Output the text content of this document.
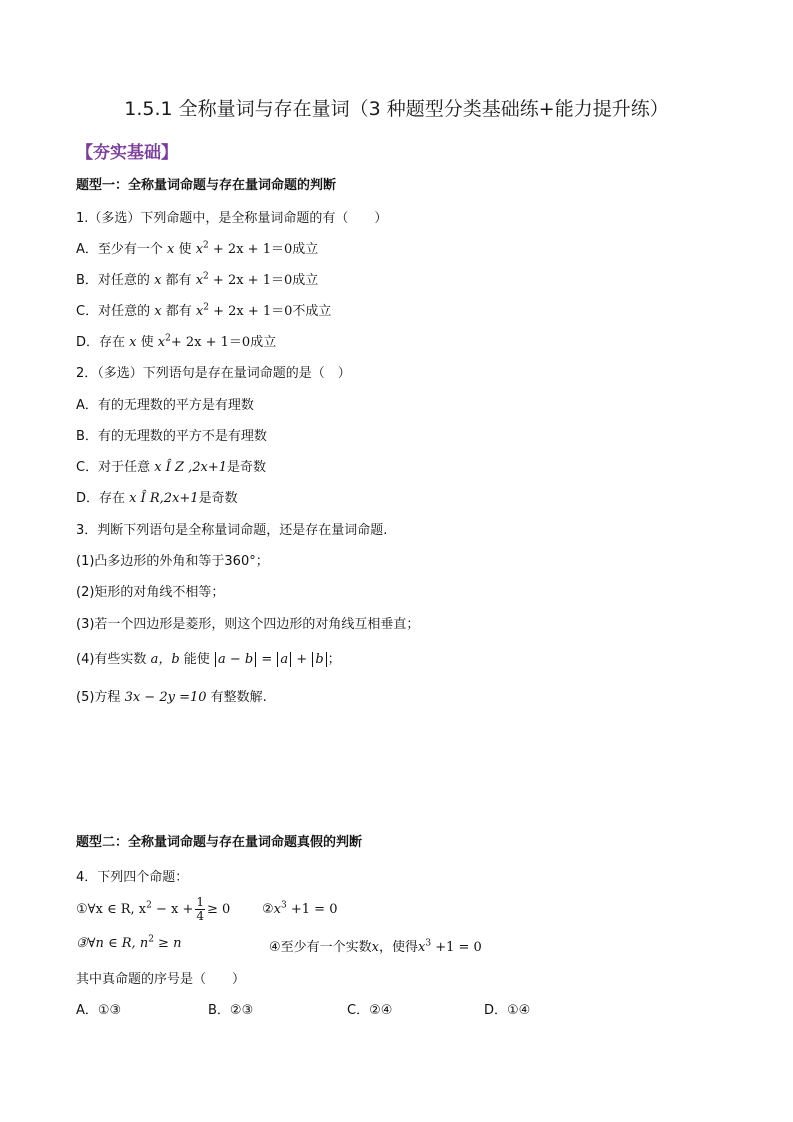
1.5.1 全称量词与存在量词（3 种题型分类基础练+能力提升练）
【夯实基础】
题型一：全称量词命题与存在量词命题的判断
1.（多选）下列命题中，是全称量词命题的有（　　）
A．至少有一个 x 使 $x^2 + 2x + 1=0$成立
B．对任意的 x 都有 $x^2 + 2x + 1=0$成立
C．对任意的 x 都有 $x^2 + 2x + 1=0$不成立
D．存在 x 使 $x^2+ 2x + 1=0$成立
2．（多选）下列语句是存在量词命题的是（　）
A．有的无理数的平方是有理数
B．有的无理数的平方不是有理数
C．对于任意 x Î Z ,2x+1是奇数
D．存在 x Î R,2x+1是奇数
3．判断下列语句是全称量词命题，还是存在量词命题.
(1)凸多边形的外角和等于360°；
(2)矩形的对角线不相等；
(3)若一个四边形是菱形，则这个四边形的对角线互相垂直；
(4)有些实数 a，b 能使 a − b = a + b ；
(5)方程 3x − 2y =10 有整数解.
题型二：全称量词命题与存在量词命题真假的判断
4．下列四个命题：
①∀x ∈ R, $x^2 - x + \frac{1}{4} \ge 0$ $②x^3 +1 = 0$
③∀n ∈ R, $n^2 \ge n$	④至少有一个实数x，使得$x^3 +1 = 0$
其中真命题的序号是（　　）
A．①③	B．②③	C．②④	D．①④
